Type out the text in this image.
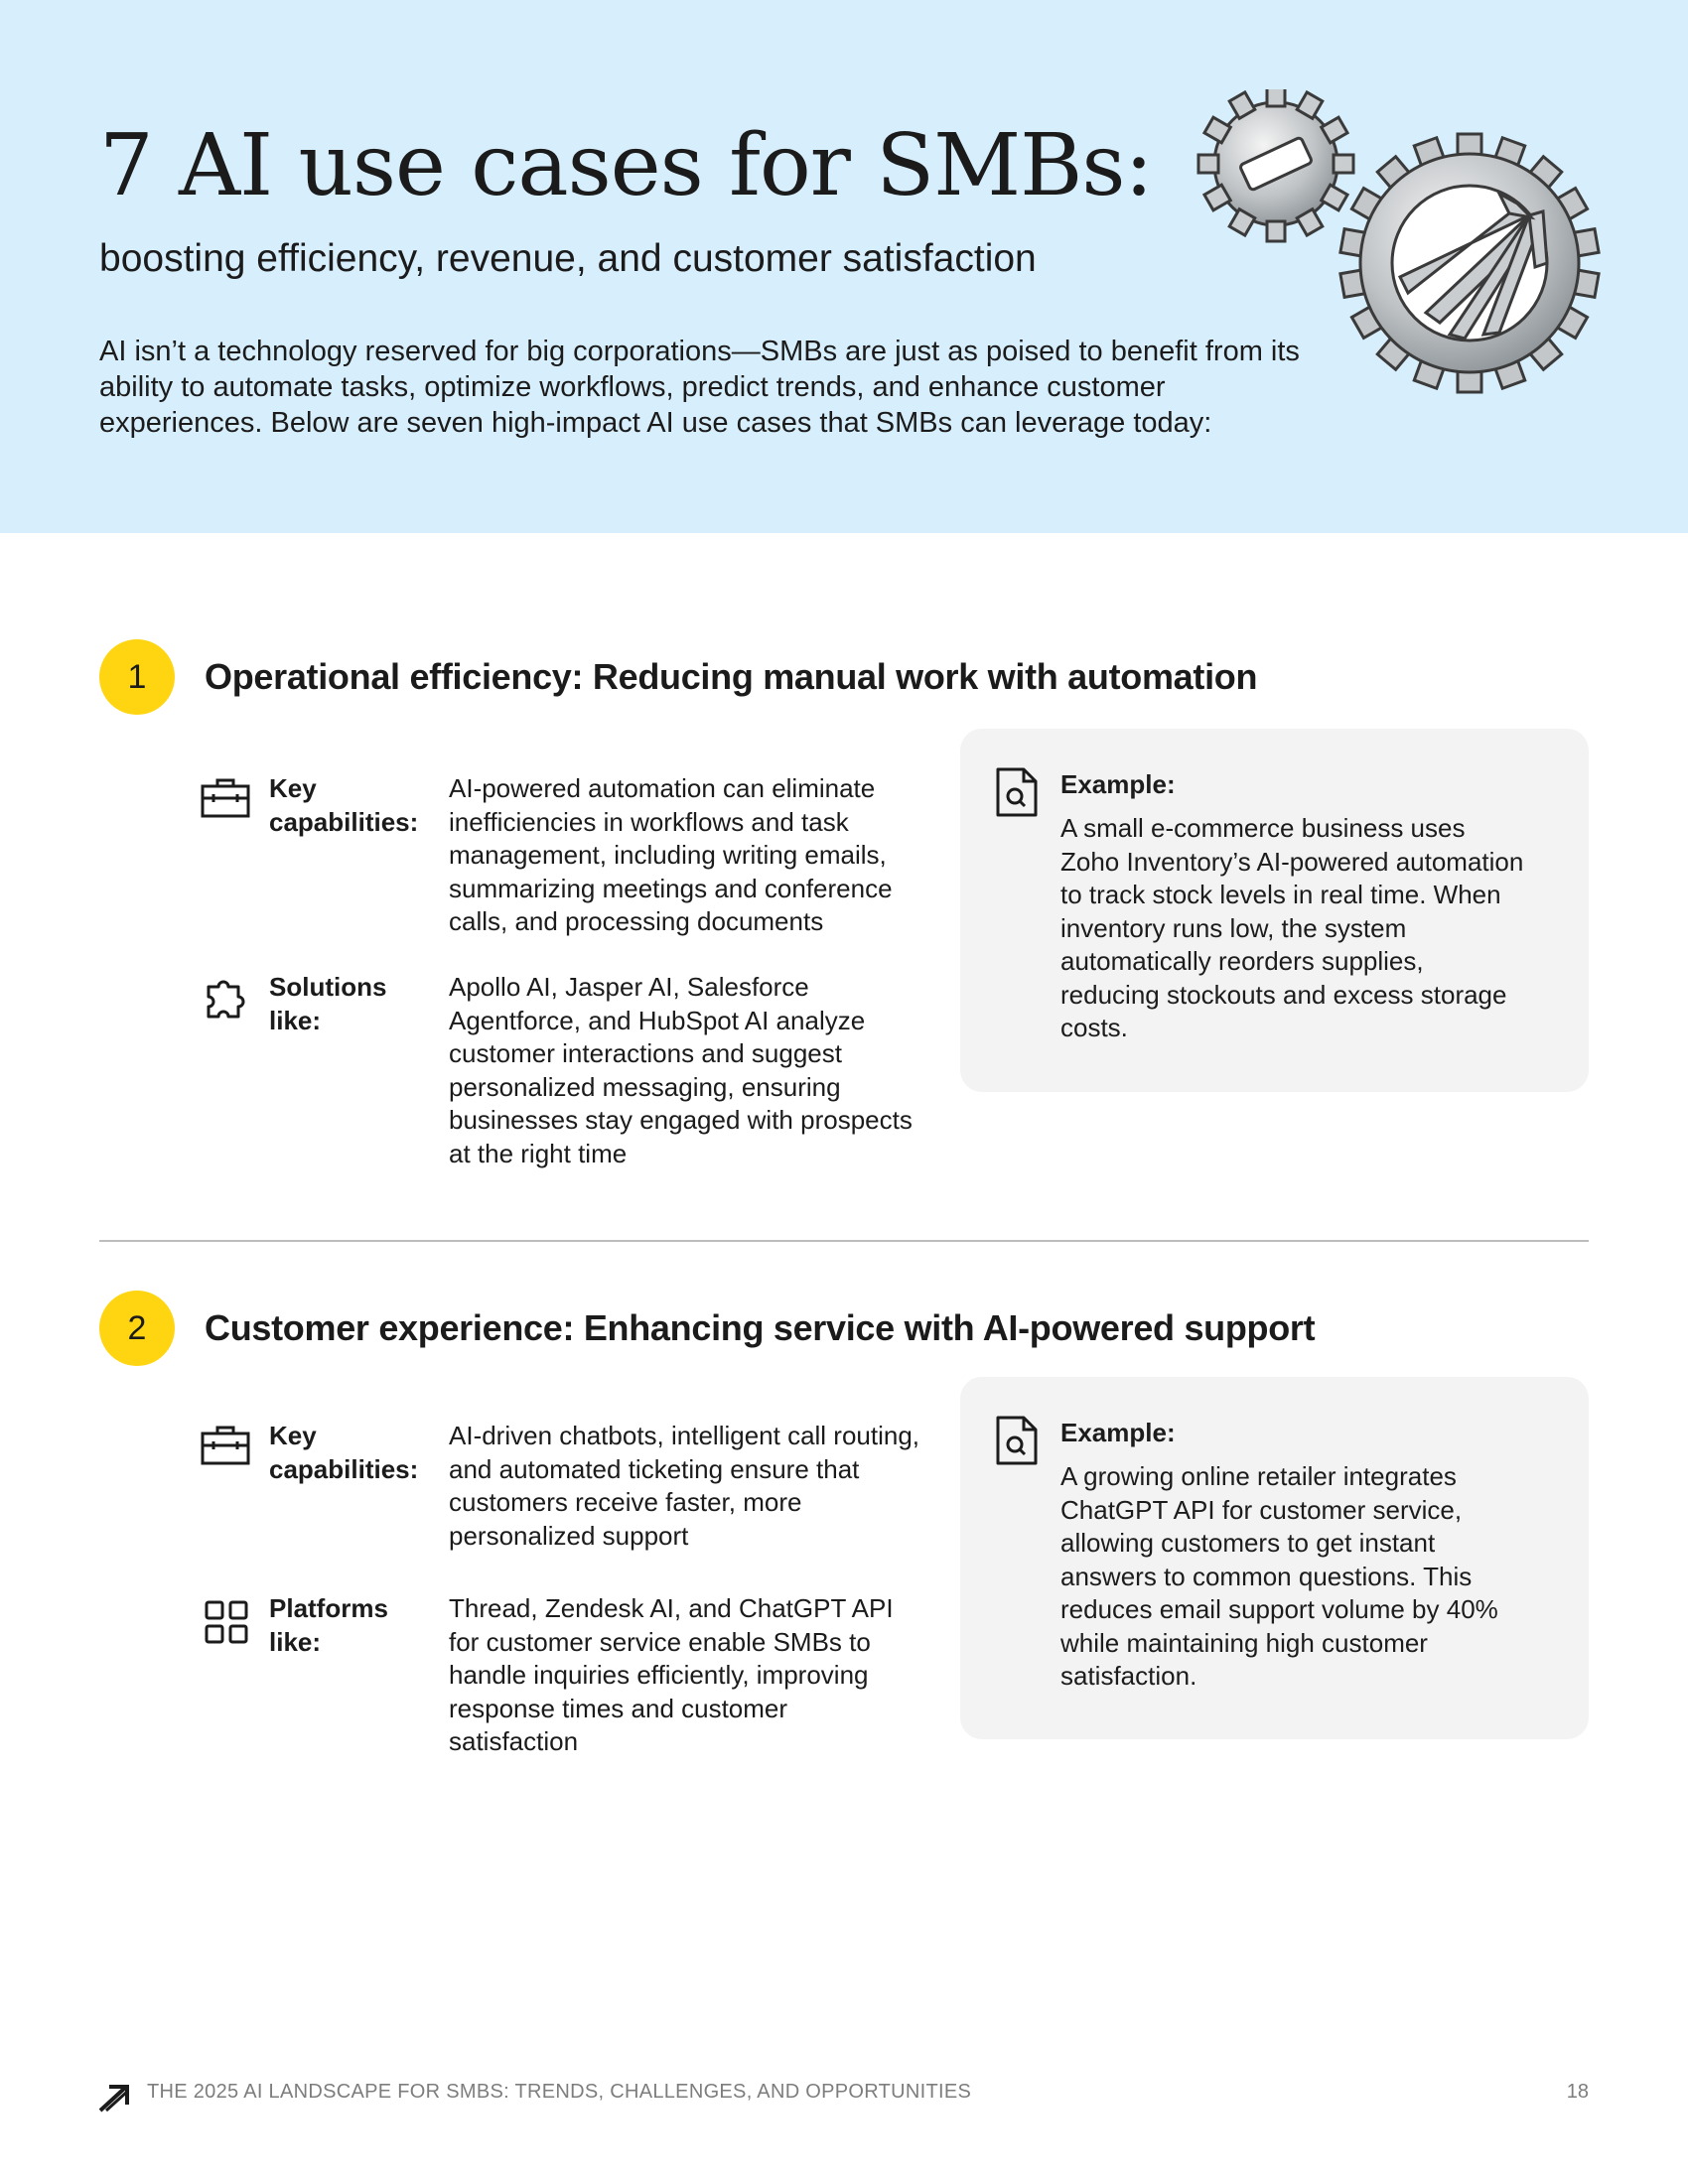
7 AI use cases for SMBs:
boosting efficiency, revenue, and customer satisfaction

AI isn’t a technology reserved for big corporations—SMBs are just as poised to benefit from its ability to automate tasks, optimize workflows, predict trends, and enhance customer experiences. Below are seven high-impact AI use cases that SMBs can leverage today:

1	Operational efficiency: Reducing manual work with automation
Key capabilities:
AI-powered automation can eliminate inefficiencies in workflows and task management, including writing emails, summarizing meetings and conference calls, and processing documents
Solutions like:
Apollo AI, Jasper AI, Salesforce Agentforce, and HubSpot AI analyze customer interactions and suggest personalized messaging, ensuring businesses stay engaged with prospects at the right time
Example:
A small e-commerce business uses Zoho Inventory’s AI-powered automation to track stock levels in real time. When inventory runs low, the system automatically reorders supplies, reducing stockouts and excess storage costs.
2	Customer experience: Enhancing service with AI-powered support
Key capabilities:
AI-driven chatbots, intelligent call routing, and automated ticketing ensure that customers receive faster, more personalized support
Platforms like:
Thread, Zendesk AI, and ChatGPT API for customer service enable SMBs to handle inquiries efficiently, improving response times and customer satisfaction
Example:
A growing online retailer integrates ChatGPT API for customer service, allowing customers to get instant answers to common questions. This reduces email support volume by 40% while maintaining high customer satisfaction.
THE 2025 AI LANDSCAPE FOR SMBS: TRENDS, CHALLENGES, AND OPPORTUNITIES	18
